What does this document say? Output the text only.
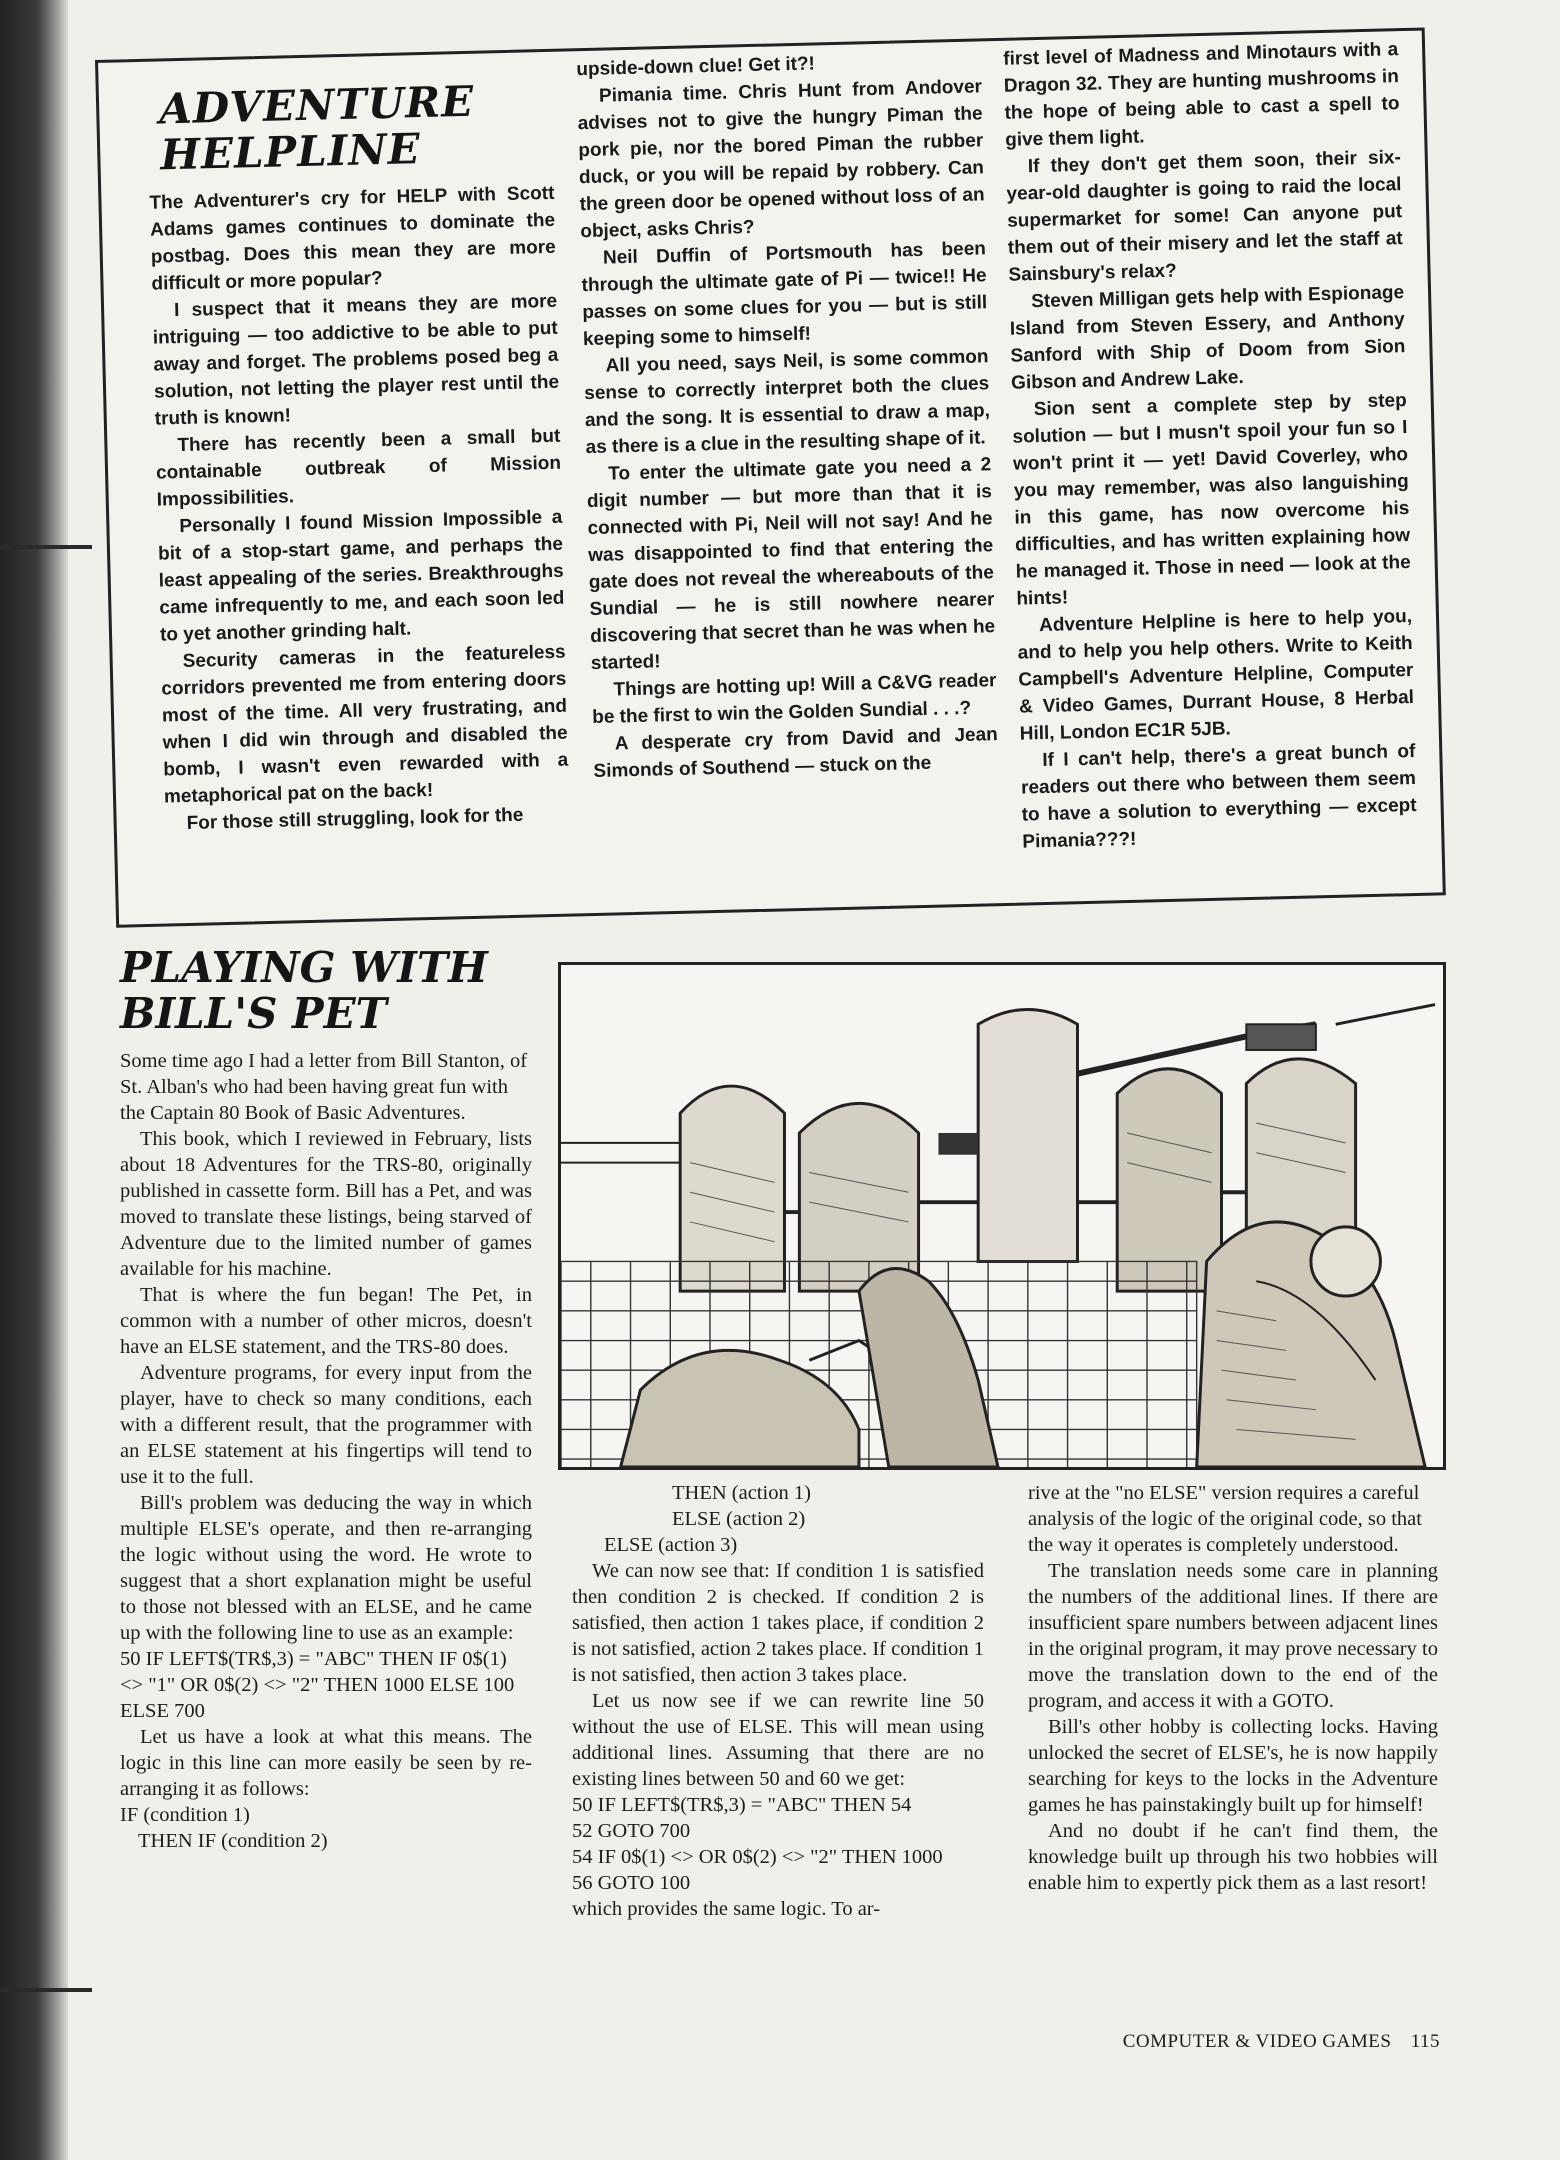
ADVENTURE
HELPLINE

The Adventurer's cry for HELP with Scott Adams games continues to dominate the postbag. Does this mean they are more difficult or more popular?

I suspect that it means they are more intriguing — too addictive to be able to put away and forget. The problems posed beg a solution, not letting the player rest until the truth is known!

There has recently been a small but containable outbreak of Mission Impossibilities.

Personally I found Mission Impossible a bit of a stop-start game, and perhaps the least appealing of the series. Breakthroughs came infrequently to me, and each soon led to yet another grinding halt.

Security cameras in the featureless corridors prevented me from entering doors most of the time. All very frustrating, and when I did win through and disabled the bomb, I wasn't even rewarded with a metaphorical pat on the back!

For those still struggling, look for the

upside-down clue! Get it?!

Pimania time. Chris Hunt from Andover advises not to give the hungry Piman the pork pie, nor the bored Piman the rubber duck, or you will be repaid by robbery. Can the green door be opened without loss of an object, asks Chris?

Neil Duffin of Portsmouth has been through the ultimate gate of Pi — twice!! He passes on some clues for you — but is still keeping some to himself!

All you need, says Neil, is some common sense to correctly interpret both the clues and the song. It is essential to draw a map, as there is a clue in the resulting shape of it.

To enter the ultimate gate you need a 2 digit number — but more than that it is connected with Pi, Neil will not say! And he was disappointed to find that entering the gate does not reveal the whereabouts of the Sundial — he is still nowhere nearer discovering that secret than he was when he started!

Things are hotting up! Will a C&VG reader be the first to win the Golden Sundial . . .?

A desperate cry from David and Jean Simonds of Southend — stuck on the

first level of Madness and Minotaurs with a Dragon 32. They are hunting mushrooms in the hope of being able to cast a spell to give them light.

If they don't get them soon, their six-year-old daughter is going to raid the local supermarket for some! Can anyone put them out of their misery and let the staff at Sainsbury's relax?

Steven Milligan gets help with Espionage Island from Steven Essery, and Anthony Sanford with Ship of Doom from Sion Gibson and Andrew Lake.

Sion sent a complete step by step solution — but I musn't spoil your fun so I won't print it — yet! David Coverley, who you may remember, was also languishing in this game, has now overcome his difficulties, and has written explaining how he managed it. Those in need — look at the hints!

Adventure Helpline is here to help you, and to help you help others. Write to Keith Campbell's Adventure Helpline, Computer & Video Games, Durrant House, 8 Herbal Hill, London EC1R 5JB.

If I can't help, there's a great bunch of readers out there who between them seem to have a solution to everything — except Pimania???!

PLAYING WITH
BILL'S PET

Some time ago I had a letter from Bill Stanton, of St. Alban's who had been having great fun with the Captain 80 Book of Basic Adventures.

This book, which I reviewed in February, lists about 18 Adventures for the TRS-80, originally published in cassette form. Bill has a Pet, and was moved to translate these listings, being starved of Adventure due to the limited number of games available for his machine.

That is where the fun began! The Pet, in common with a number of other micros, doesn't have an ELSE statement, and the TRS-80 does.

Adventure programs, for every input from the player, have to check so many conditions, each with a different result, that the programmer with an ELSE statement at his fingertips will tend to use it to the full.

Bill's problem was deducing the way in which multiple ELSE's operate, and then re-arranging the logic without using the word. He wrote to suggest that a short explanation might be useful to those not blessed with an ELSE, and he came up with the following line to use as an example:

50 IF LEFT$(TR$,3) = "ABC" THEN IF 0$(1) <> "1" OR 0$(2) <> "2" THEN 1000 ELSE 100 ELSE 700

Let us have a look at what this means. The logic in this line can more easily be seen by re-arranging it as follows:

IF (condition 1)

THEN IF (condition 2)

THEN (action 1)

ELSE (action 2)

ELSE (action 3)

We can now see that: If condition 1 is satisfied then condition 2 is checked. If condition 2 is satisfied, then action 1 takes place, if condition 2 is not satisfied, action 2 takes place. If condition 1 is not satisfied, then action 3 takes place.

Let us now see if we can rewrite line 50 without the use of ELSE. This will mean using additional lines. Assuming that there are no existing lines between 50 and 60 we get:

50 IF LEFT$(TR$,3) = "ABC" THEN 54

52 GOTO 700

54 IF 0$(1) <> OR 0$(2) <> "2" THEN 1000

56 GOTO 100

which provides the same logic. To ar-

rive at the "no ELSE" version requires a careful analysis of the logic of the original code, so that the way it operates is completely understood.

The translation needs some care in planning the numbers of the additional lines. If there are insufficient spare numbers between adjacent lines in the original program, it may prove necessary to move the translation down to the end of the program, and access it with a GOTO.

Bill's other hobby is collecting locks. Having unlocked the secret of ELSE's, he is now happily searching for keys to the locks in the Adventure games he has painstakingly built up for himself!

And no doubt if he can't find them, the knowledge built up through his two hobbies will enable him to expertly pick them as a last resort!

COMPUTER & VIDEO GAMES 115
